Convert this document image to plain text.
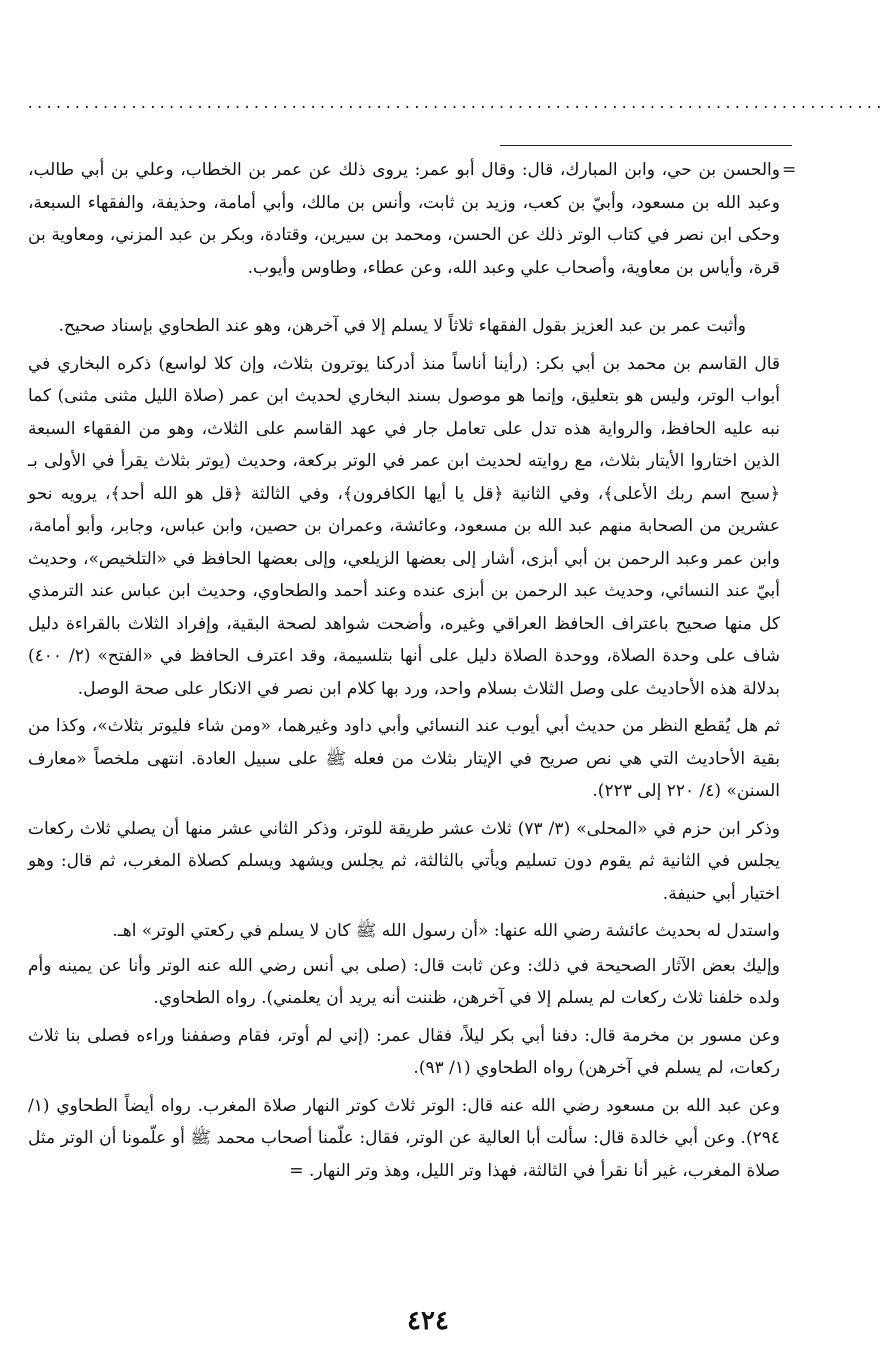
...........................................................................................
=

والحسن بن حي، وابن المبارك، قال: وقال أبو عمر: يروى ذلك عن عمر بن الخطاب، وعلي بن أبي طالب، وعبد الله بن مسعود، وأبيّ بن كعب، وزيد بن ثابت، وأنس بن مالك، وأبي أمامة، وحذيفة، والفقهاء السبعة، وحكى ابن نصر في كتاب الوتر ذلك عن الحسن، ومحمد بن سيرين، وقتادة، وبكر بن عبد المزني، ومعاوية بن قرة، وأياس بن معاوية، وأصحاب علي وعبد الله، وعن عطاء، وطاوس وأيوب.

وأثبت عمر بن عبد العزيز بقول الفقهاء ثلاثاً لا يسلم إلا في آخرهن، وهو عند الطحاوي بإسناد صحيح.

قال القاسم بن محمد بن أبي بكر: (رأينا أناساً منذ أدركنا يوترون بثلاث، وإن كلا لواسع) ذكره البخاري في أبواب الوتر، وليس هو بتعليق، وإنما هو موصول بسند البخاري لحديث ابن عمر (صلاة الليل مثنى مثنى) كما نبه عليه الحافظ، والرواية هذه تدل على تعامل جار في عهد القاسم على الثلاث، وهو من الفقهاء السبعة الذين اختاروا الأيتار بثلاث، مع روايته لحديث ابن عمر في الوتر بركعة، وحديث (يوتر بثلاث يقرأ في الأولى بـ ﴿سبح اسم ربك الأعلى﴾، وفي الثانية ﴿قل يا أيها الكافرون﴾، وفي الثالثة ﴿قل هو الله أحد﴾، يرويه نحو عشرين من الصحابة منهم عبد الله بن مسعود، وعائشة، وعمران بن حصين، وابن عباس، وجابر، وأبو أمامة، وابن عمر وعبد الرحمن بن أبي أبزى، أشار إلى بعضها الزيلعي، وإلى بعضها الحافظ في «التلخيص»، وحديث أبيّ عند النسائي، وحديث عبد الرحمن بن أبزى عنده وعند أحمد والطحاوي، وحديث ابن عباس عند الترمذي كل منها صحيح باعتراف الحافظ العراقي وغيره، وأضحت شواهد لصحة البقية، وإفراد الثلاث بالقراءة دليل شاف على وحدة الصلاة، ووحدة الصلاة دليل على أنها بتلسيمة، وقد اعترف الحافظ في «الفتح» (٢/ ٤٠٠) بدلالة هذه الأحاديث على وصل الثلاث بسلام واحد، ورد بها كلام ابن نصر في الانكار على صحة الوصل.

ثم هل يُقطع النظر من حديث أبي أيوب عند النسائي وأبي داود وغيرهما، «ومن شاء فليوتر بثلاث»، وكذا من بقية الأحاديث التي هي نص صريح في الإيتار بثلاث من فعله ﷺ على سبيل العادة. انتهى ملخصاً «معارف السنن» (٤/ ٢٢٠ إلى ٢٢٣).

وذكر ابن حزم في «المحلى» (٣/ ٧٣) ثلاث عشر طريقة للوتر، وذكر الثاني عشر منها أن يصلي ثلاث ركعات يجلس في الثانية ثم يقوم دون تسليم ويأتي بالثالثة، ثم يجلس ويشهد ويسلم كصلاة المغرب، ثم قال: وهو اختيار أبي حنيفة.

واستدل له بحديث عائشة رضي الله عنها: «أن رسول الله ﷺ كان لا يسلم في ركعتي الوتر» اهـ.

وإليك بعض الآثار الصحيحة في ذلك: وعن ثابت قال: (صلى بي أنس رضي الله عنه الوتر وأنا عن يمينه وأم ولده خلفنا ثلاث ركعات لم يسلم إلا في آخرهن، ظننت أنه يريد أن يعلمني). رواه الطحاوي.

وعن مسور بن مخرمة قال: دفنا أبي بكر ليلاً، فقال عمر: (إني لم أوتر، فقام وصففنا وراءه فصلى بنا ثلاث ركعات، لم يسلم في آخرهن) رواه الطحاوي (١/ ٩٣).

وعن عبد الله بن مسعود رضي الله عنه قال: الوتر ثلاث كوتر النهار صلاة المغرب. رواه أيضاً الطحاوي (١/ ٢٩٤). وعن أبي خالدة قال: سألت أبا العالية عن الوتر، فقال: علّمنا أصحاب محمد ﷺ أو علّمونا أن الوتر مثل صلاة المغرب، غير أنا نقرأ في الثالثة، فهذا وتر الليل، وهذ وتر النهار. =

٤٢٤
